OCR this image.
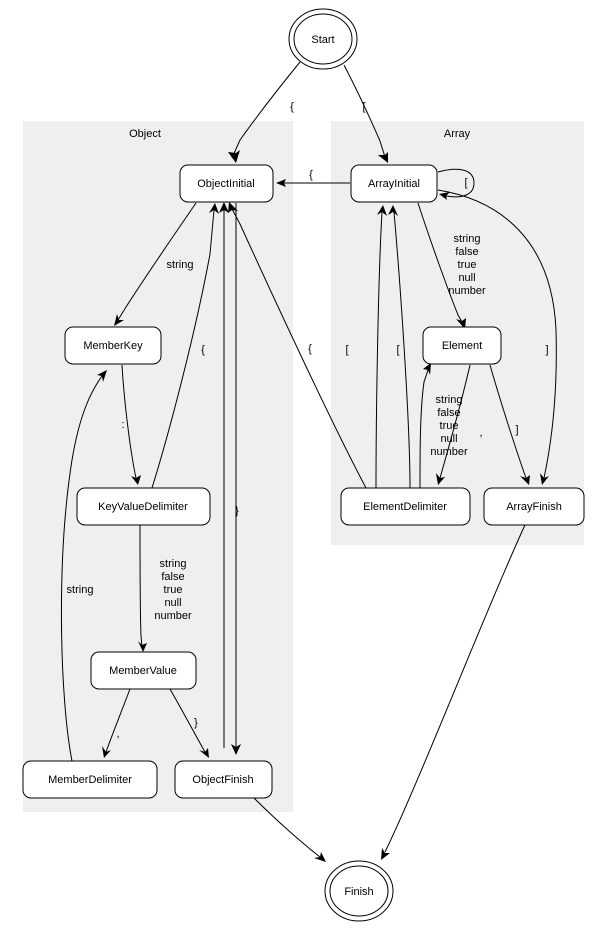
Object	Array
{	[
{
[
string
}
{	{
string
false
true
null
number
]
[	[
string
false
true
null
number
,	]
:
string
string
false
true
null
number
,
}
Start
Finish
ObjectInitial	ArrayInitial
MemberKey	Element
KeyValueDelimiter	ElementDelimiter	ArrayFinish
MemberValue
MemberDelimiter	ObjectFinish
